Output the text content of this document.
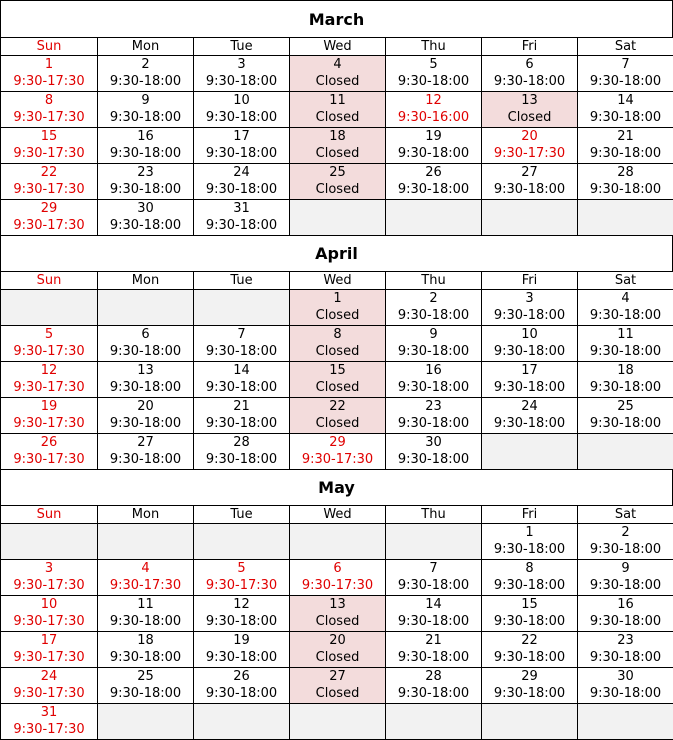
March
Sun	Mon	Tue	Wed	Thu	Fri	Sat

1
9:30-17:30	2
9:30-18:00	3
9:30-18:00	4
Closed	5
9:30-18:00	6
9:30-18:00	7
9:30-18:00

8
9:30-17:30	9
9:30-18:00	10
9:30-18:00	11
Closed	12
9:30-16:00	13
Closed	14
9:30-18:00

15
9:30-17:30	16
9:30-18:00	17
9:30-18:00	18
Closed	19
9:30-18:00	20
9:30-17:30	21
9:30-18:00

22
9:30-17:30	23
9:30-18:00	24
9:30-18:00	25
Closed	26
9:30-18:00	27
9:30-18:00	28
9:30-18:00

29
9:30-17:30	30
9:30-18:00	31
9:30-18:00				

April
Sun	Mon	Tue	Wed	Thu	Fri	Sat

			1
Closed	2
9:30-18:00	3
9:30-18:00	4
9:30-18:00

5
9:30-17:30	6
9:30-18:00	7
9:30-18:00	8
Closed	9
9:30-18:00	10
9:30-18:00	11
9:30-18:00

12
9:30-17:30	13
9:30-18:00	14
9:30-18:00	15
Closed	16
9:30-18:00	17
9:30-18:00	18
9:30-18:00

19
9:30-17:30	20
9:30-18:00	21
9:30-18:00	22
Closed	23
9:30-18:00	24
9:30-18:00	25
9:30-18:00

26
9:30-17:30	27
9:30-18:00	28
9:30-18:00	29
9:30-17:30	30
9:30-18:00		

May
Sun	Mon	Tue	Wed	Thu	Fri	Sat

					1
9:30-18:00	2
9:30-18:00

3
9:30-17:30	4
9:30-17:30	5
9:30-17:30	6
9:30-17:30	7
9:30-18:00	8
9:30-18:00	9
9:30-18:00

10
9:30-17:30	11
9:30-18:00	12
9:30-18:00	13
Closed	14
9:30-18:00	15
9:30-18:00	16
9:30-18:00

17
9:30-17:30	18
9:30-18:00	19
9:30-18:00	20
Closed	21
9:30-18:00	22
9:30-18:00	23
9:30-18:00

24
9:30-17:30	25
9:30-18:00	26
9:30-18:00	27
Closed	28
9:30-18:00	29
9:30-18:00	30
9:30-18:00

31
9:30-17:30						
